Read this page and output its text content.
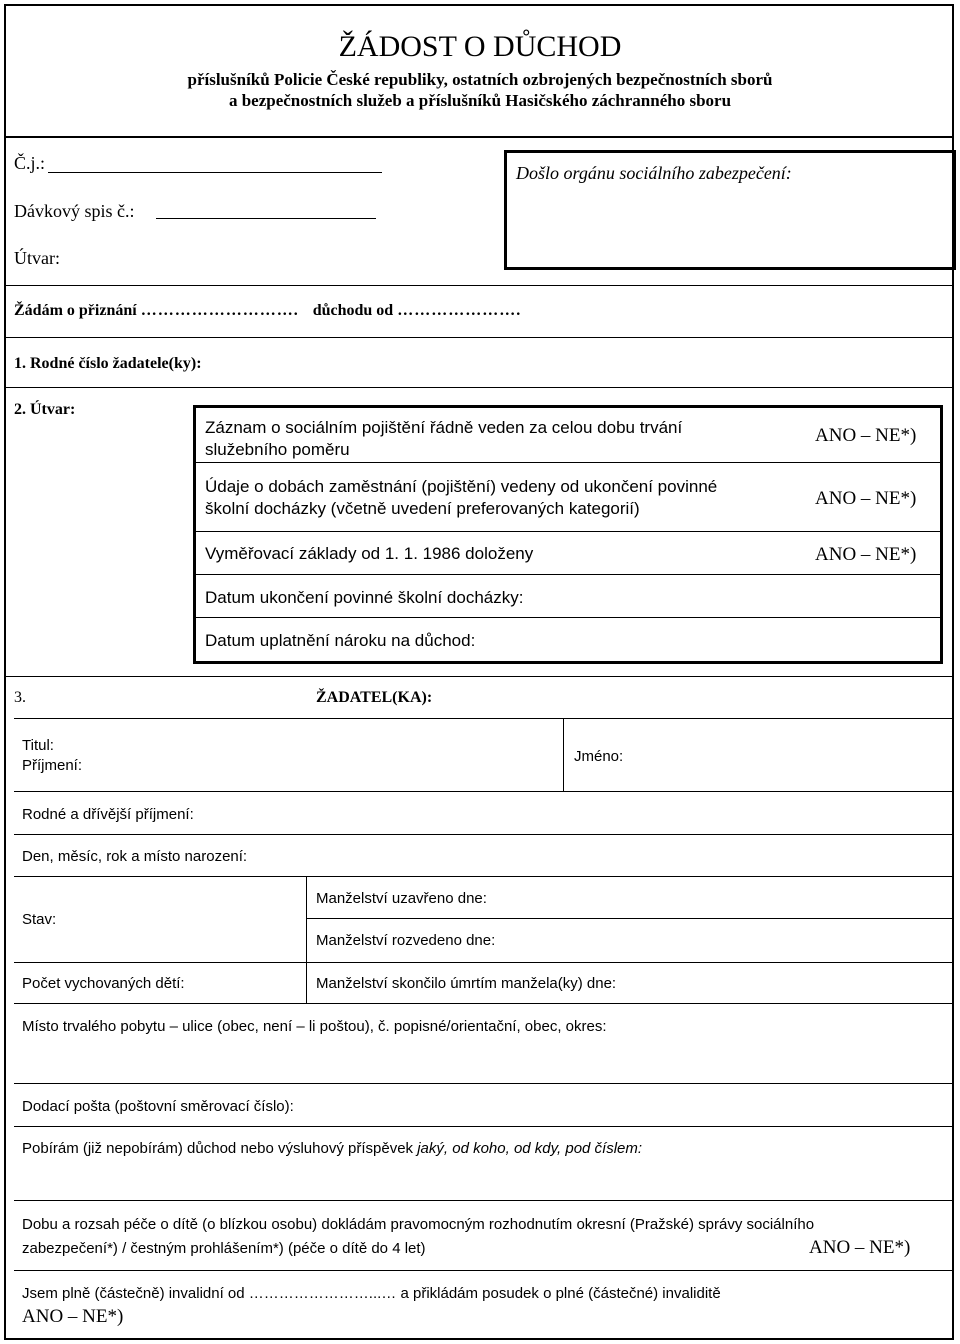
ŽÁDOST O DŮCHOD
příslušníků Policie České republiky, ostatních ozbrojených bezpečnostních sborů
a bezpečnostních služeb a příslušníků Hasičského záchranného sboru
Č.j.:
Dávkový spis č.:
Útvar:
Došlo orgánu sociálního zabezpečení:
Žádám o přiznání ………………………. důchodu od ………………….
1. Rodné číslo žadatele(ky):
2. Útvar:
Záznam o sociálním pojištění řádně veden za celou dobu trvání
služebního poměru
ANO – NE*)
Údaje o dobách zaměstnání (pojištění) vedeny od ukončení povinné
školní docházky (včetně uvedení preferovaných kategorií)	ANO – NE*)
Vyměřovací základy od 1. 1. 1986 doloženy	ANO – NE*)
Datum ukončení povinné školní docházky:
Datum uplatnění nároku na důchod:
3.	ŽADATEL(KA):
Titul:
Příjmení:
Jméno:
Rodné a dřívější příjmení:
Den, měsíc, rok a místo narození:
Stav:
Manželství uzavřeno dne:
Manželství rozvedeno dne:
Počet vychovaných dětí:	Manželství skončilo úmrtím manžela(ky) dne:
Místo trvalého pobytu – ulice (obec, není – li poštou), č. popisné/orientační, obec, okres:
Dodací pošta (poštovní směrovací číslo):
Pobírám (již nepobírám) důchod nebo výsluhový příspěvek jaký, od koho, od kdy, pod číslem:
Dobu a rozsah péče o dítě (o blízkou osobu) dokládám pravomocným rozhodnutím okresní (Pražské) správy sociálního
zabezpečení*) / čestným prohlášením*) (péče o dítě do 4 let)	ANO – NE*)
Jsem plně (částečně) invalidní od ……………………...… a přikládám posudek o plné (částečné) invaliditě
ANO – NE*)
